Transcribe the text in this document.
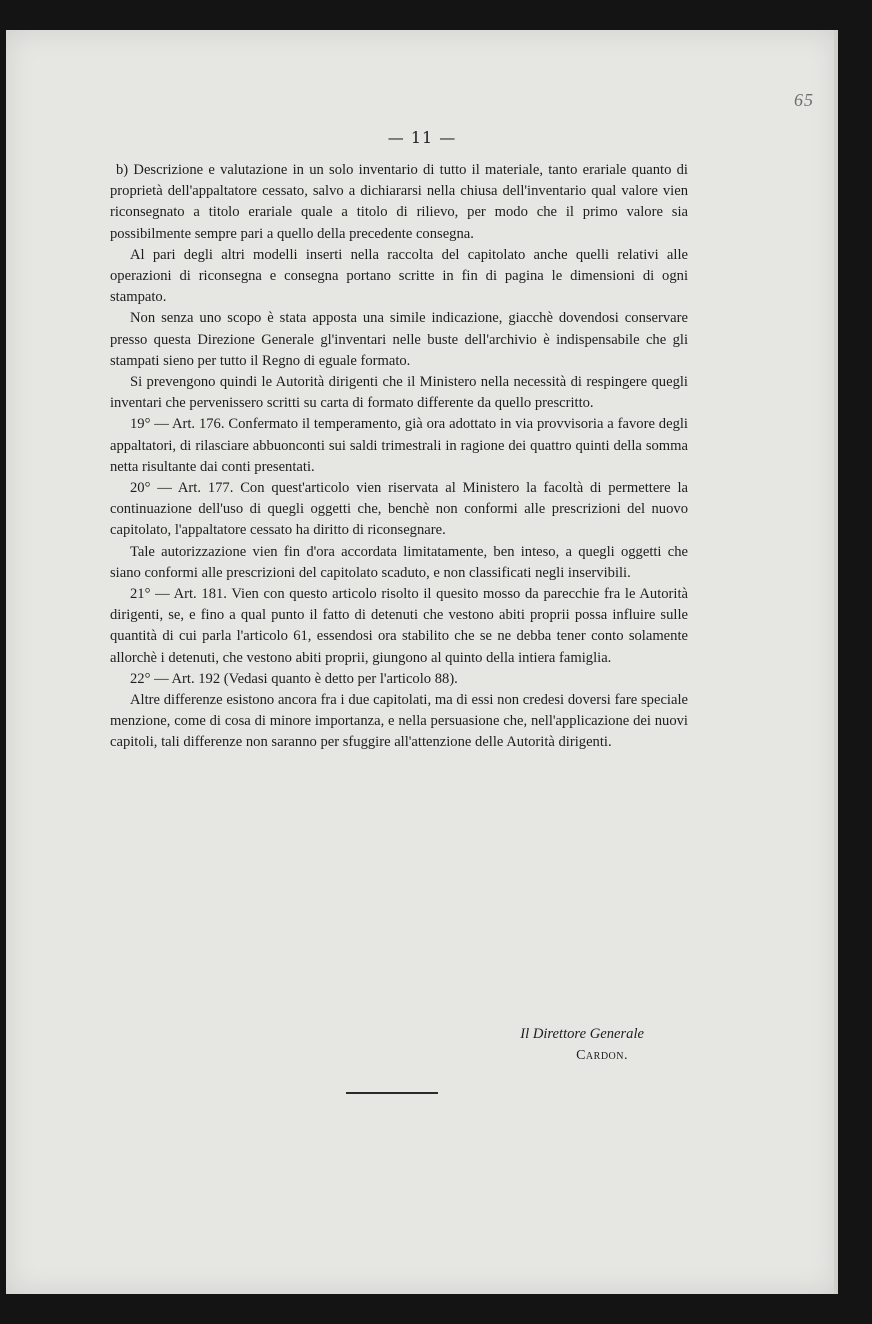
65
— 11 —

b) Descrizione e valutazione in un solo inventario di tutto il materiale, tanto erariale quanto di proprietà dell'appaltatore cessato, salvo a dichiararsi nella chiusa dell'inventario qual valore vien riconsegnato a titolo erariale quale a titolo di rilievo, per modo che il primo valore sia possibilmente sempre pari a quello della precedente consegna.

Al pari degli altri modelli inserti nella raccolta del capitolato anche quelli relativi alle operazioni di riconsegna e consegna portano scritte in fin di pagina le dimensioni di ogni stampato.

Non senza uno scopo è stata apposta una simile indicazione, giacchè dovendosi conservare presso questa Direzione Generale gl'inventari nelle buste dell'archivio è indispensabile che gli stampati sieno per tutto il Regno di eguale formato.

Si prevengono quindi le Autorità dirigenti che il Ministero nella necessità di respingere quegli inventari che pervenissero scritti su carta di formato differente da quello prescritto.

19° — Art. 176. Confermato il temperamento, già ora adottato in via provvisoria a favore degli appaltatori, di rilasciare abbuonconti sui saldi trimestrali in ragione dei quattro quinti della somma netta risultante dai conti presentati.

20° — Art. 177. Con quest'articolo vien riservata al Ministero la facoltà di permettere la continuazione dell'uso di quegli oggetti che, benchè non conformi alle prescrizioni del nuovo capitolato, l'appaltatore cessato ha diritto di riconsegnare.

Tale autorizzazione vien fin d'ora accordata limitatamente, ben inteso, a quegli oggetti che siano conformi alle prescrizioni del capitolato scaduto, e non classificati negli inservibili.

21° — Art. 181. Vien con questo articolo risolto il quesito mosso da parecchie fra le Autorità dirigenti, se, e fino a qual punto il fatto di detenuti che vestono abiti proprii possa influire sulle quantità di cui parla l'articolo 61, essendosi ora stabilito che se ne debba tener conto solamente allorchè i detenuti, che vestono abiti proprii, giungono al quinto della intiera famiglia.

22° — Art. 192 (Vedasi quanto è detto per l'articolo 88).

Altre differenze esistono ancora fra i due capitolati, ma di essi non credesi doversi fare speciale menzione, come di cosa di minore importanza, e nella persuasione che, nell'applicazione dei nuovi capitoli, tali differenze non saranno per sfuggire all'attenzione delle Autorità dirigenti.

Il Direttore Generale
Cardon.
